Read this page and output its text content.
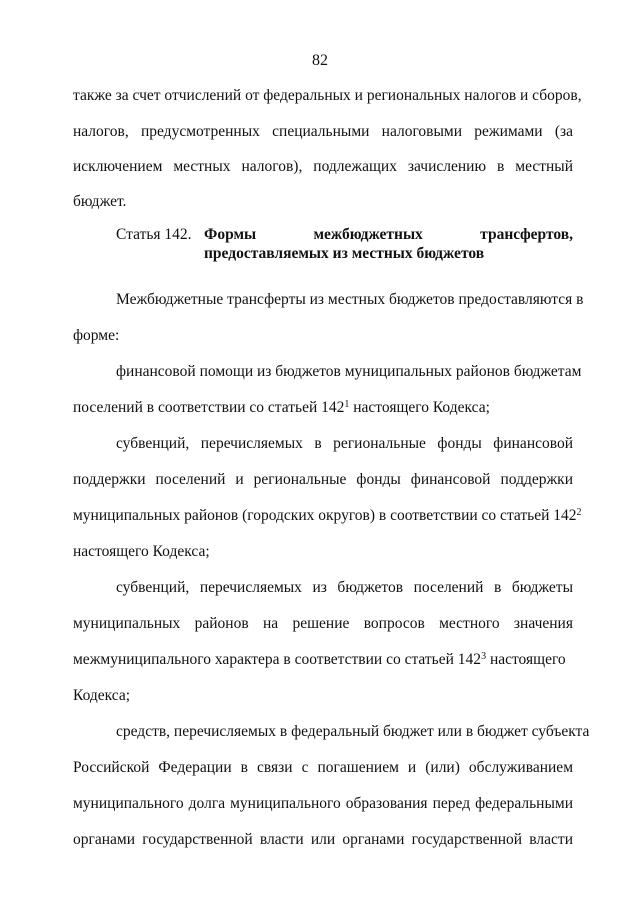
82
также за счет отчислений от федеральных и региональных налогов и сборов,
налогов, предусмотренных специальными налоговыми режимами (за
исключением местных налогов), подлежащих зачислению в местный
бюджет.
Статья 142. Формы межбюджетных трансфертов,
предоставляемых из местных бюджетов
Межбюджетные трансферты из местных бюджетов предоставляются в
форме:
финансовой помощи из бюджетов муниципальных районов бюджетам
поселений в соответствии со статьей $142^1$ настоящего Кодекса;
субвенций, перечисляемых в региональные фонды финансовой
поддержки поселений и региональные фонды финансовой поддержки
муниципальных районов (городских округов) в соответствии со статьей $142^2$
настоящего Кодекса;
субвенций, перечисляемых из бюджетов поселений в бюджеты
муниципальных районов на решение вопросов местного значения
межмуниципального характера в соответствии со статьей $142^3$ настоящего
Кодекса;
средств, перечисляемых в федеральный бюджет или в бюджет субъекта
Российской Федерации в связи с погашением и (или) обслуживанием
муниципального долга муниципального образования перед федеральными
органами государственной власти или органами государственной власти
